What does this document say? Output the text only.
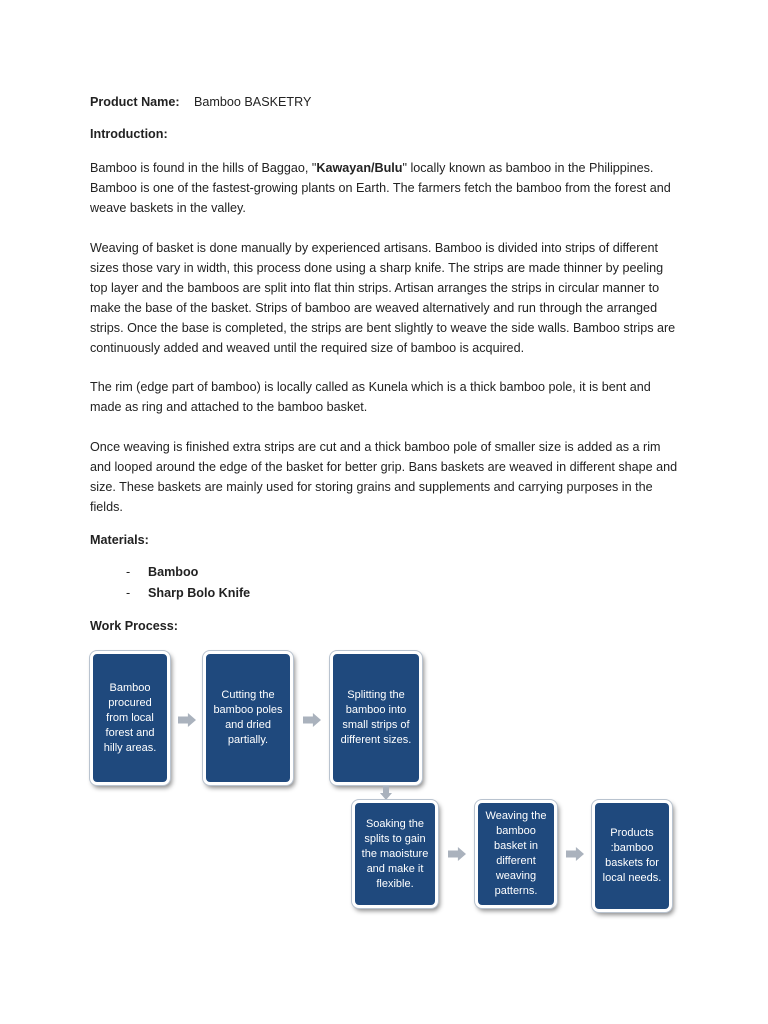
Product Name: Bamboo BASKETRY
Introduction:

Bamboo is found in the hills of Baggao, "Kawayan/Bulu" locally known as bamboo in the Philippines. Bamboo is one of the fastest-growing plants on Earth. The farmers fetch the bamboo from the forest and weave baskets in the valley.

Weaving of basket is done manually by experienced artisans. Bamboo is divided into strips of different sizes those vary in width, this process done using a sharp knife. The strips are made thinner by peeling top layer and the bamboos are split into flat thin strips. Artisan arranges the strips in circular manner to make the base of the basket. Strips of bamboo are weaved alternatively and run through the arranged strips. Once the base is completed, the strips are bent slightly to weave the side walls. Bamboo strips are continuously added and weaved until the required size of bamboo is acquired.

The rim (edge part of bamboo) is locally called as Kunela which is a thick bamboo pole, it is bent and made as ring and attached to the bamboo basket.

Once weaving is finished extra strips are cut and a thick bamboo pole of smaller size is added as a rim and looped around the edge of the basket for better grip. Bans baskets are weaved in different shape and size. These baskets are mainly used for storing grains and supplements and carrying purposes in the fields.

Materials:
- Bamboo
- Sharp Bolo Knife
Work Process:
Bamboo procured from local forest and hilly areas.
Cutting the bamboo poles and dried partially.
Splitting the bamboo into small strips of different sizes.
Soaking the splits to gain the maoisture and make it flexible.
Weaving the bamboo basket in different weaving patterns.
Products :bamboo baskets for local needs.
